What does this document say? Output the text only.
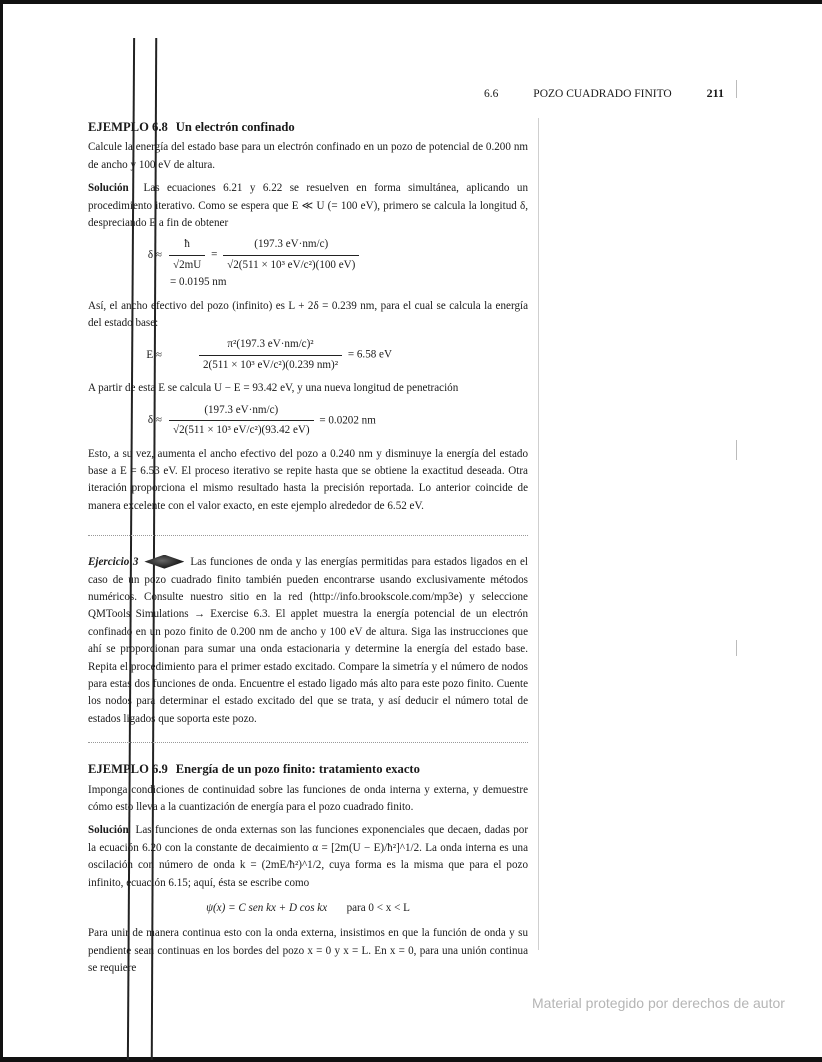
6.6	POZO CUADRADO FINITO	211
EJEMPLO 6.8 Un electrón confinado

Calcule la energía del estado base para un electrón confinado en un pozo de potencial de 0.200 nm de ancho y 100 eV de altura.

Solución Las ecuaciones 6.21 y 6.22 se resuelven en forma simultánea, aplicando un procedimiento iterativo. Como se espera que E ≪ U (= 100 eV), primero se calcula la longitud δ, despreciando E a fin de obtener

$\delta \approx \frac{ħ}{√2mU} = \frac{(197.3 eV\cdot nm/c)}{\text{√2(511 × 10³ eV/c²)(100 eV)}}$
= 0.0195 nm

Así, el ancho efectivo del pozo (infinito) es L + 2δ = 0.239 nm, para el cual se calcula la energía del estado base:

E ≈	$\frac{\text{π²(197.3 eV·nm/c)²}}{\text{2(511 × 10³ eV/c²)(0.239 nm)²}} = 6.58$ eV

A partir de esta E se calcula U − E = 93.42 eV, y una nueva longitud de penetración

$\delta \approx \frac{(197.3 eV\cdot nm/c)}{\text{√2(511 × 10³ eV/c²)(93.42 eV)}} = 0.0202$ nm

Esto, a su vez, aumenta el ancho efectivo del pozo a 0.240 nm y disminuye la energía del estado base a E = 6.53 eV. El proceso iterativo se repite hasta que se obtiene la exactitud deseada. Otra iteración proporciona el mismo resultado hasta la precisión reportada. Lo anterior coincide de manera excelente con el valor exacto, en este ejemplo alrededor de 6.52 eV.

Ejercicio 3	Las funciones de onda y las energías permitidas para estados ligados en el caso de un pozo cuadrado finito también pueden encontrarse usando exclusivamente métodos numéricos. Consulte nuestro sitio en la red (http://info.brookscole.com/mp3e) y seleccione QMTools Simulations → Exercise 6.3. El applet muestra la energía potencial de un electrón confinado en un pozo finito de 0.200 nm de ancho y 100 eV de altura. Siga las instrucciones que ahí se proporcionan para sumar una onda estacionaria y determine la energía del estado base. Repita el procedimiento para el primer estado excitado. Compare la simetría y el número de nodos para estas dos funciones de onda. Encuentre el estado ligado más alto para este pozo finito. Cuente los nodos para determinar el estado excitado del que se trata, y así deducir el número total de estados ligados que soporta este pozo.

EJEMPLO 6.9 Energía de un pozo finito: tratamiento exacto

Imponga condiciones de continuidad sobre las funciones de onda interna y externa, y demuestre cómo esto lleva a la cuantización de energía para el pozo cuadrado finito.

Solución Las funciones de onda externas son las funciones exponenciales que decaen, dadas por la ecuación 6.20 con la constante de decaimiento α = [2m(U − E)/ħ²]^1/2. La onda interna es una oscilación con número de onda k = (2mE/ħ²)^1/2, cuya forma es la misma que para el pozo infinito, ecuación 6.15; aquí, ésta se escribe como

ψ(x) = C sen kx + D cos kx para 0 < x < L

Para unir de manera continua esto con la onda externa, insistimos en que la función de onda y su pendiente sean continuas en los bordes del pozo x = 0 y x = L. En x = 0, para una unión continua se requiere

Material protegido por derechos de autor
